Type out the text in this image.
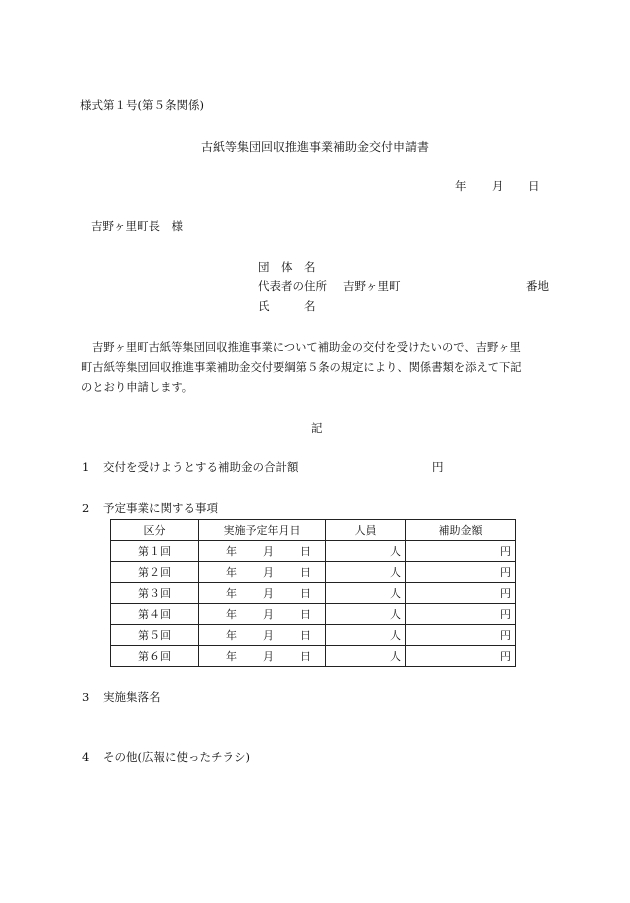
様式第１号(第５条関係)
古紙等集団回収推進事業補助金交付申請書
年 月 日
吉野ヶ里町長　様
団　体　名
代表者の住所 吉野ヶ里町	番地
氏　　　名
吉野ヶ里町古紙等集団回収推進事業について補助金の交付を受けたいので、吉野ヶ里
町古紙等集団回収推進事業補助金交付要綱第５条の規定により、関係書類を添えて下記
のとおり申請します。
記
1 交付を受けようとする補助金の合計額	円
2 予定事業に関する事項
区分	実施予定年月日	人員	補助金額
第１回	年 月 日	人	円
第２回	年 月 日	人	円
第３回	年 月 日	人	円
第４回	年 月 日	人	円
第５回	年 月 日	人	円
第６回	年 月 日	人	円
3 実施集落名
4 その他(広報に使ったチラシ)
